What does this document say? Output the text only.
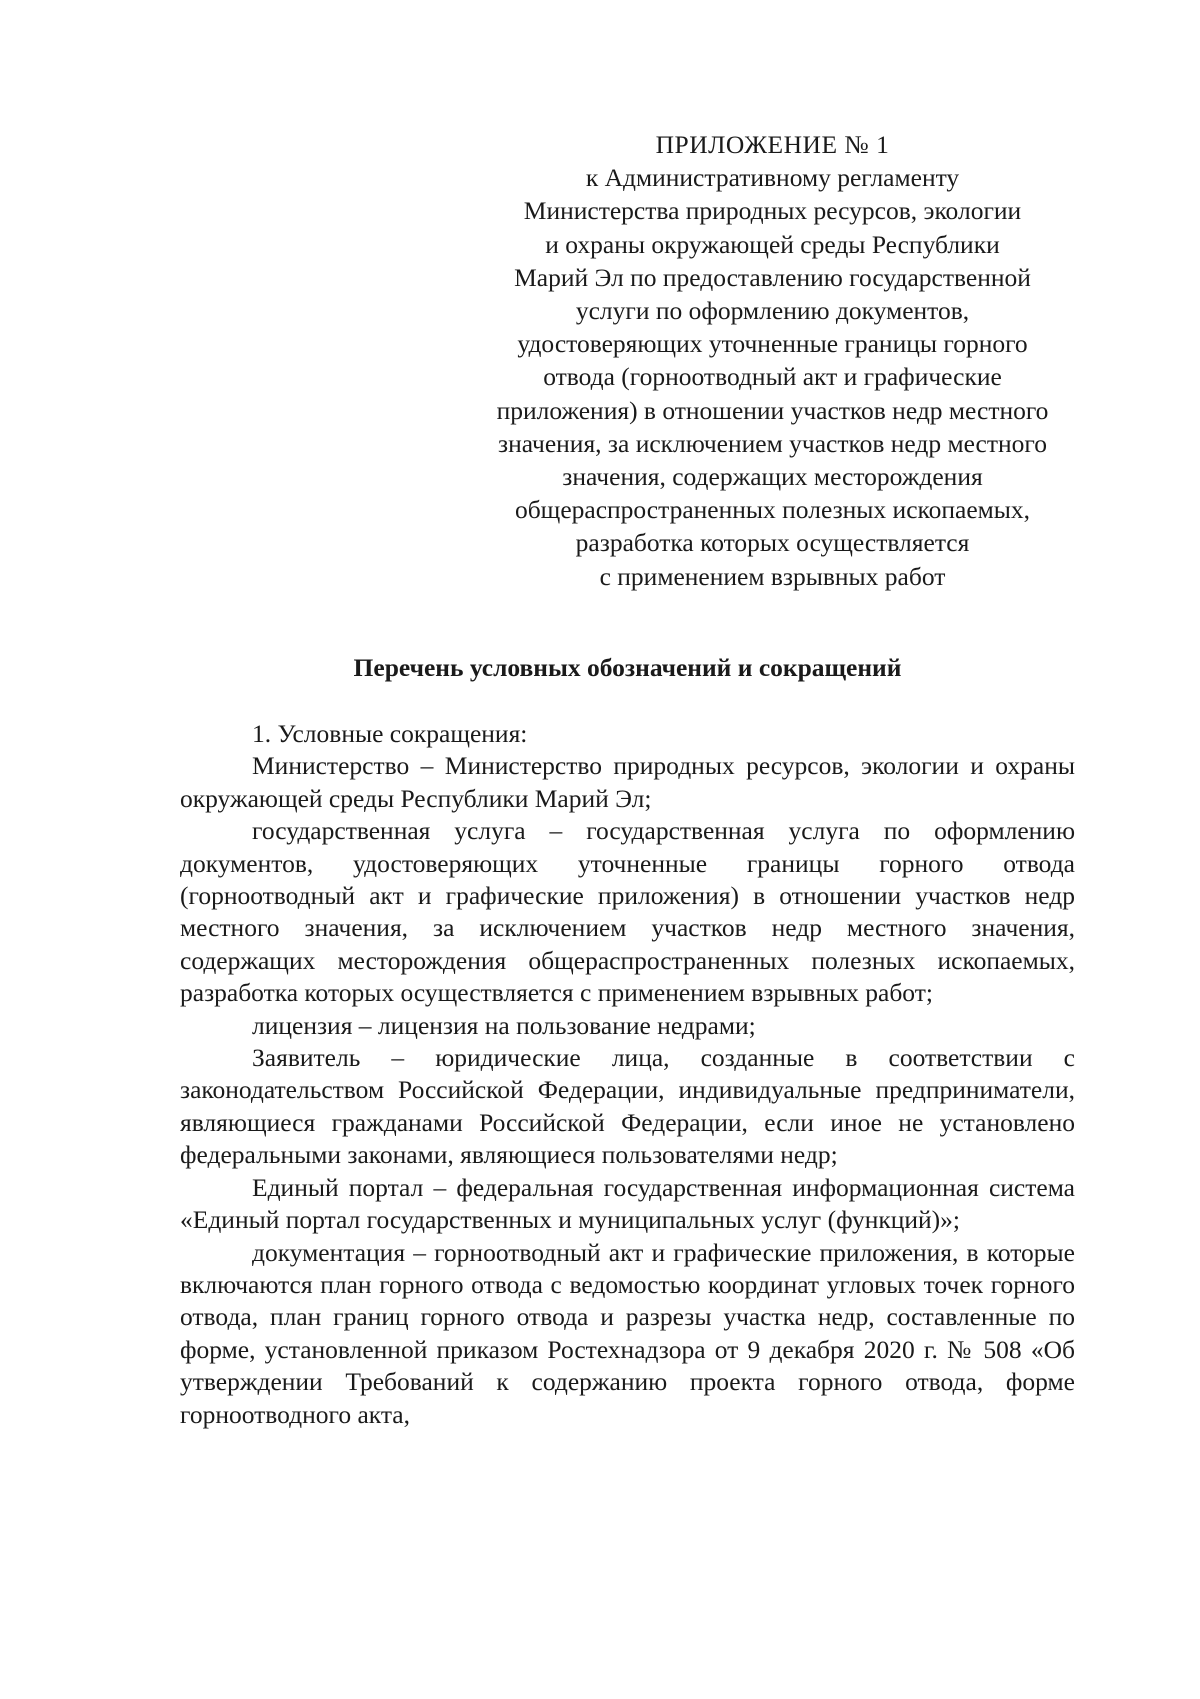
ПРИЛОЖЕНИЕ № 1
к Административному регламенту
Министерства природных ресурсов, экологии
и охраны окружающей среды Республики
Марий Эл по предоставлению государственной
услуги по оформлению документов,
удостоверяющих уточненные границы горного
отвода (горноотводный акт и графические
приложения) в отношении участков недр местного
значения, за исключением участков недр местного
значения, содержащих месторождения
общераспространенных полезных ископаемых,
разработка которых осуществляется
с применением взрывных работ
Перечень условных обозначений и сокращений

1. Условные сокращения:

Министерство – Министерство природных ресурсов, экологии и охраны окружающей среды Республики Марий Эл;

государственная услуга – государственная услуга по оформлению документов, удостоверяющих уточненные границы горного отвода (горноотводный акт и графические приложения) в отношении участков недр местного значения, за исключением участков недр местного значения, содержащих месторождения общераспространенных полезных ископаемых, разработка которых осуществляется с применением взрывных работ;

лицензия – лицензия на пользование недрами;

Заявитель – юридические лица, созданные в соответствии с законодательством Российской Федерации, индивидуальные предприниматели, являющиеся гражданами Российской Федерации, если иное не установлено федеральными законами, являющиеся пользователями недр;

Единый портал – федеральная государственная информационная система «Единый портал государственных и муниципальных услуг (функций)»;

документация – горноотводный акт и графические приложения, в которые включаются план горного отвода с ведомостью координат угловых точек горного отвода, план границ горного отвода и разрезы участка недр, составленные по форме, установленной приказом Ростехнадзора от 9 декабря 2020 г. № 508 «Об утверждении Требований к содержанию проекта горного отвода, форме горноотводного акта,
